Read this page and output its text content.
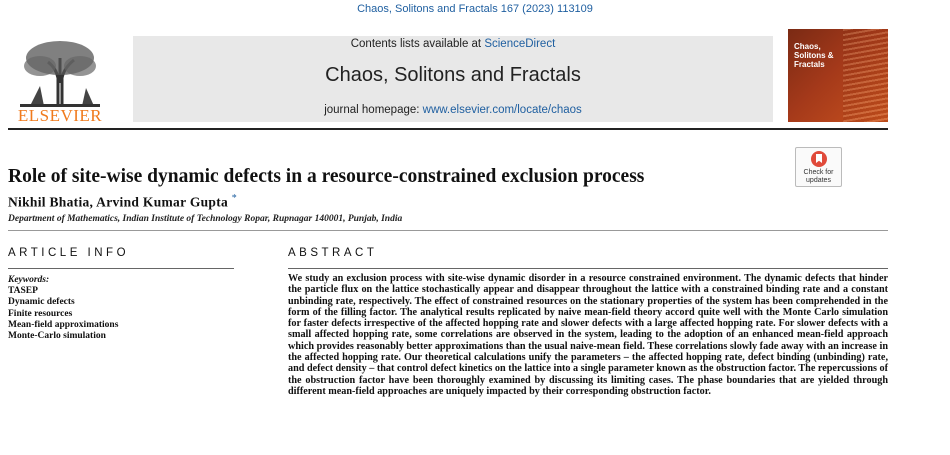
Chaos, Solitons and Fractals 167 (2023) 113109
ELSEVIER
Contents lists available at ScienceDirect
Chaos, Solitons and Fractals
journal homepage: www.elsevier.com/locate/chaos
Chaos, Solitons & Fractals
Role of site-wise dynamic defects in a resource-constrained exclusion process	Check for updates
Nikhil Bhatia, Arvind Kumar Gupta *
Department of Mathematics, Indian Institute of Technology Ropar, Rupnagar 140001, Punjab, India
ARTICLE INFO
Keywords:
TASEP
Dynamic defects
Finite resources
Mean-field approximations
Monte-Carlo simulation
ABSTRACT
We study an exclusion process with site-wise dynamic disorder in a resource constrained environment. The dynamic defects that hinder the particle flux on the lattice stochastically appear and disappear throughout the lattice with a constrained binding rate and a constant unbinding rate, respectively. The effect of constrained resources on the stationary properties of the system has been comprehended in the form of the filling factor. The analytical results replicated by naive mean-field theory accord quite well with the Monte Carlo simulation for faster defects irrespective of the affected hopping rate and slower defects with a large affected hopping rate. For slower defects with a small affected hopping rate, some correlations are observed in the system, leading to the adoption of an enhanced mean-field approach which provides reasonably better approximations than the usual naive-mean field. These correlations slowly fade away with an increase in the affected hopping rate. Our theoretical calculations unify the parameters – the affected hopping rate, defect binding (unbinding) rate, and defect density – that control defect kinetics on the lattice into a single parameter known as the obstruction factor. The repercussions of the obstruction factor have been thoroughly examined by discussing its limiting cases. The phase boundaries that are yielded through different mean-field approaches are uniquely impacted by their corresponding obstruction factor.
